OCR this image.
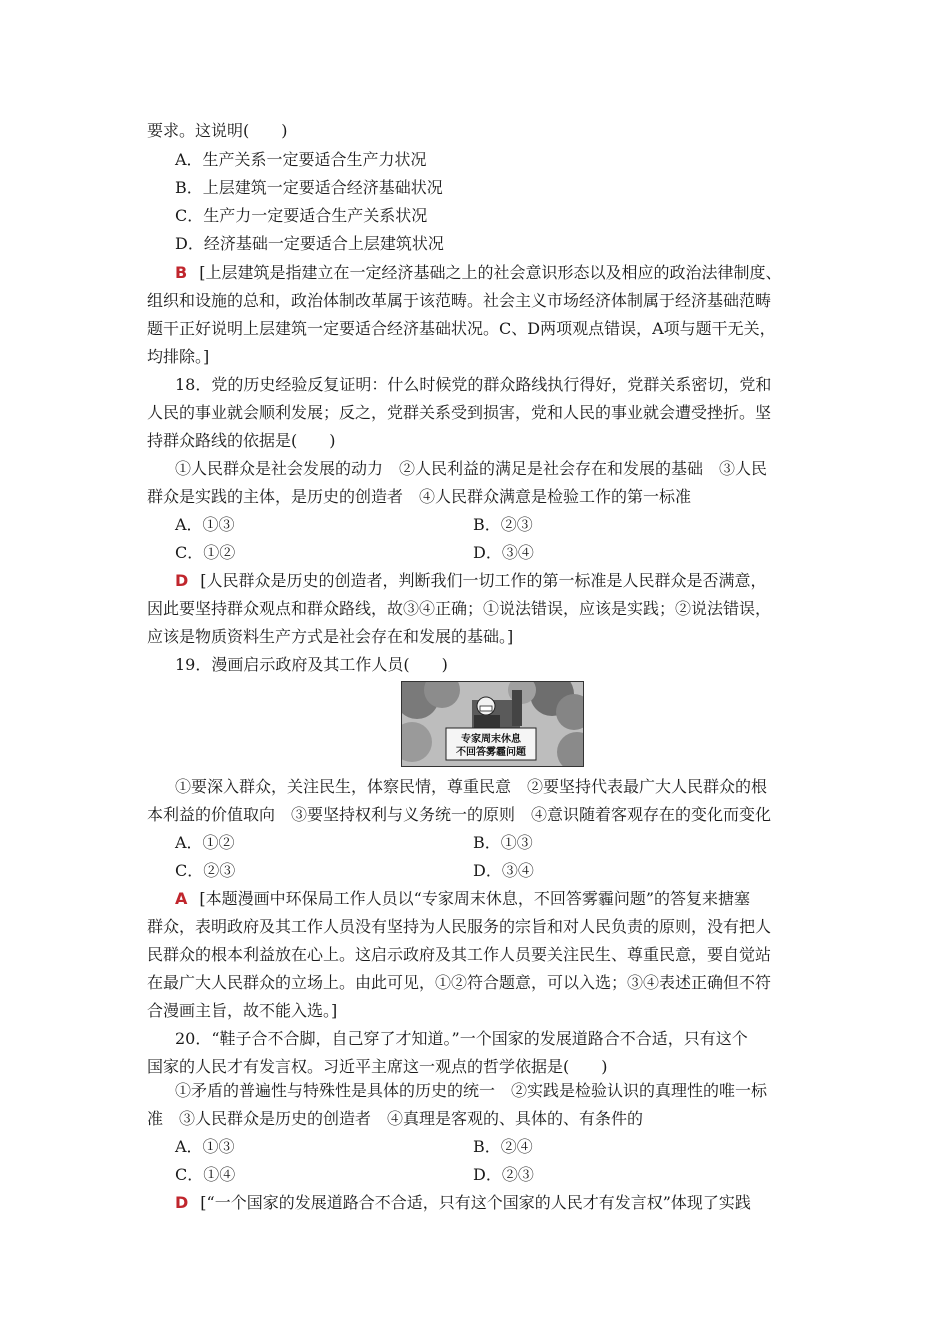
要求。这说明(　　)
A．生产关系一定要适合生产力状况
B．上层建筑一定要适合经济基础状况
C．生产力一定要适合生产关系状况
D．经济基础一定要适合上层建筑状况
B [上层建筑是指建立在一定经济基础之上的社会意识形态以及相应的政治法律制度、
组织和设施的总和，政治体制改革属于该范畴。社会主义市场经济体制属于经济基础范畴
题干正好说明上层建筑一定要适合经济基础状况。C、D两项观点错误，A项与题干无关，
均排除。]
18．党的历史经验反复证明：什么时候党的群众路线执行得好，党群关系密切，党和
人民的事业就会顺利发展；反之，党群关系受到损害，党和人民的事业就会遭受挫折。坚
持群众路线的依据是(　　)
①人民群众是社会发展的动力　②人民利益的满足是社会存在和发展的基础　③人民
群众是实践的主体，是历史的创造者　④人民群众满意是检验工作的第一标准
A．①③	B．②③
C．①②	D．③④
D [人民群众是历史的创造者，判断我们一切工作的第一标准是人民群众是否满意，
因此要坚持群众观点和群众路线，故③④正确；①说法错误，应该是实践；②说法错误，
应该是物质资料生产方式是社会存在和发展的基础。]
19．漫画启示政府及其工作人员(　　)
专家周末休息
不回答雾霾问题
①要深入群众，关注民生，体察民情，尊重民意　②要坚持代表最广大人民群众的根
本利益的价值取向　③要坚持权利与义务统一的原则　④意识随着客观存在的变化而变化
A．①②	B．①③
C．②③	D．③④
A [本题漫画中环保局工作人员以“专家周末休息，不回答雾霾问题”的答复来搪塞
群众，表明政府及其工作人员没有坚持为人民服务的宗旨和对人民负责的原则，没有把人
民群众的根本利益放在心上。这启示政府及其工作人员要关注民生、尊重民意，要自觉站
在最广大人民群众的立场上。由此可见，①②符合题意，可以入选；③④表述正确但不符
合漫画主旨，故不能入选。]
20．“鞋子合不合脚，自己穿了才知道。”一个国家的发展道路合不合适，只有这个
国家的人民才有发言权。习近平主席这一观点的哲学依据是(　　)
①矛盾的普遍性与特殊性是具体的历史的统一　②实践是检验认识的真理性的唯一标
准　③人民群众是历史的创造者　④真理是客观的、具体的、有条件的
A．①③	B．②④
C．①④	D．②③
D [“一个国家的发展道路合不合适，只有这个国家的人民才有发言权”体现了实践
